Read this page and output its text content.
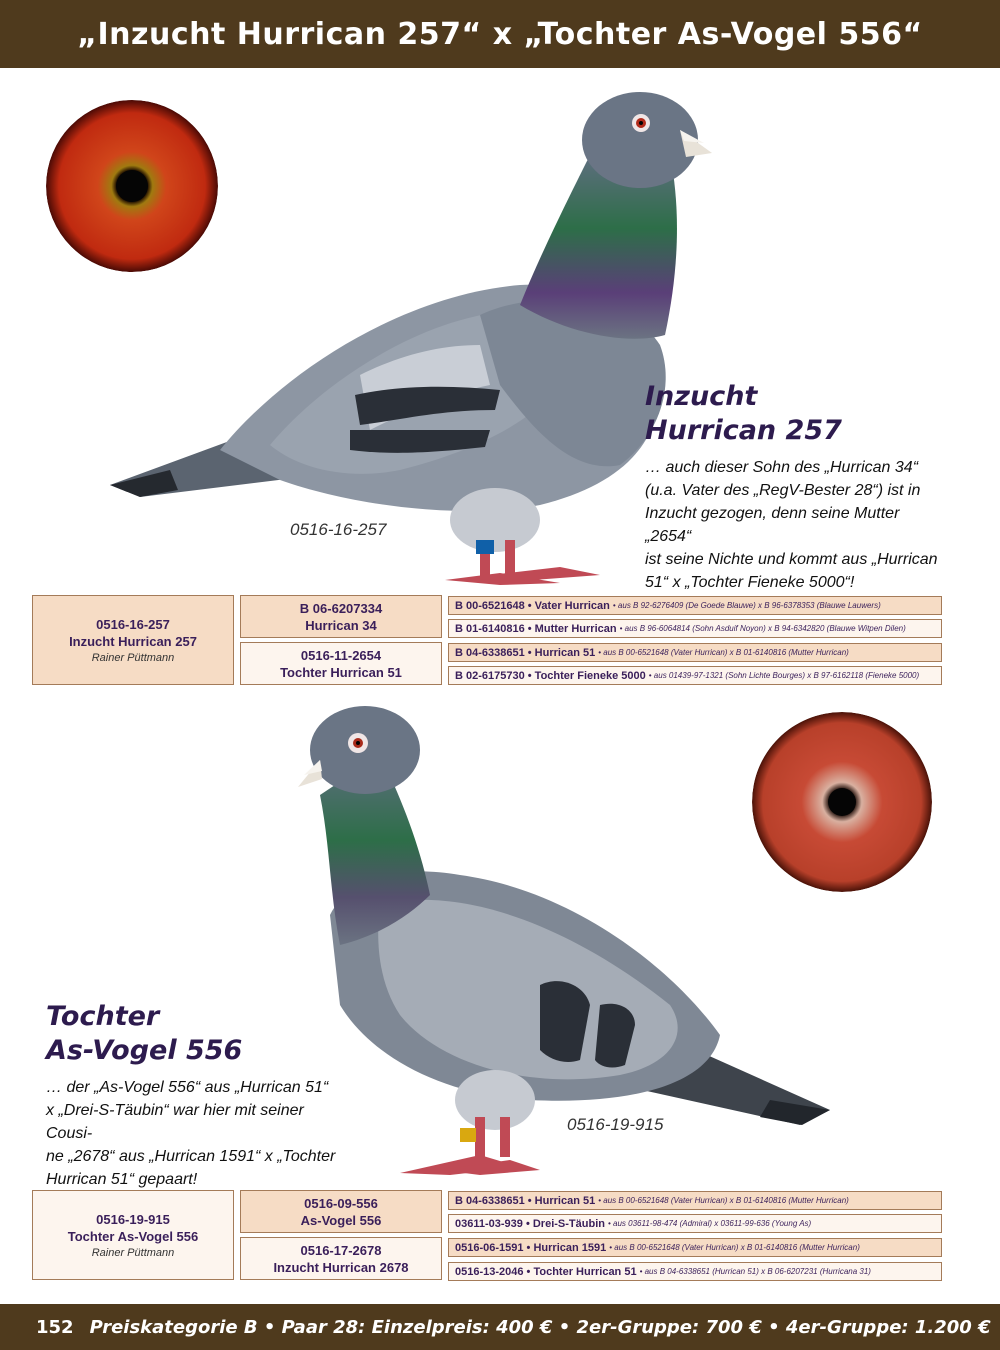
„Inzucht Hurrican 257“ x „Tochter As-Vogel 556“
0516-16-257
Inzucht
Hurrican 257
… auch dieser Sohn des „Hurrican 34“
(u.a. Vater des „RegV-Bester 28“) ist in
Inzucht gezogen, denn seine Mutter „2654“
ist seine Nichte und kommt aus „Hurrican
51“ x „Tochter Fieneke 5000“!
0516-16-257
Inzucht Hurrican 257
Rainer Püttmann
B 06-6207334
Hurrican 34
0516-11-2654
Tochter Hurrican 51
B 00-6521648 • Vater Hurrican • aus B 92-6276409 (De Goede Blauwe) x B 96-6378353 (Blauwe Lauwers)
B 01-6140816 • Mutter Hurrican • aus B 96-6064814 (Sohn Asduif Noyon) x B 94-6342820 (Blauwe Witpen Dilen)
B 04-6338651 • Hurrican 51 • aus B 00-6521648 (Vater Hurrican) x B 01-6140816 (Mutter Hurrican)
B 02-6175730 • Tochter Fieneke 5000 • aus 01439-97-1321 (Sohn Lichte Bourges) x B 97-6162118 (Fieneke 5000)
0516-19-915
Tochter
As-Vogel 556
… der „As-Vogel 556“ aus „Hurrican 51“
x „Drei-S-Täubin“ war hier mit seiner Cousi-
ne „2678“ aus „Hurrican 1591“ x „Tochter
Hurrican 51“ gepaart!
0516-19-915
Tochter As-Vogel 556
Rainer Püttmann
0516-09-556
As-Vogel 556
0516-17-2678
Inzucht Hurrican 2678
B 04-6338651 • Hurrican 51 • aus B 00-6521648 (Vater Hurrican) x B 01-6140816 (Mutter Hurrican)
03611-03-939 • Drei-S-Täubin • aus 03611-98-474 (Admiral) x 03611-99-636 (Young As)
0516-06-1591 • Hurrican 1591 • aus B 00-6521648 (Vater Hurrican) x B 01-6140816 (Mutter Hurrican)
0516-13-2046 • Tochter Hurrican 51 • aus B 04-6338651 (Hurrican 51) x B 06-6207231 (Hurricana 31)
152 Preiskategorie B • Paar 28: Einzelpreis: 400 € • 2er-Gruppe: 700 € • 4er-Gruppe: 1.200 €
